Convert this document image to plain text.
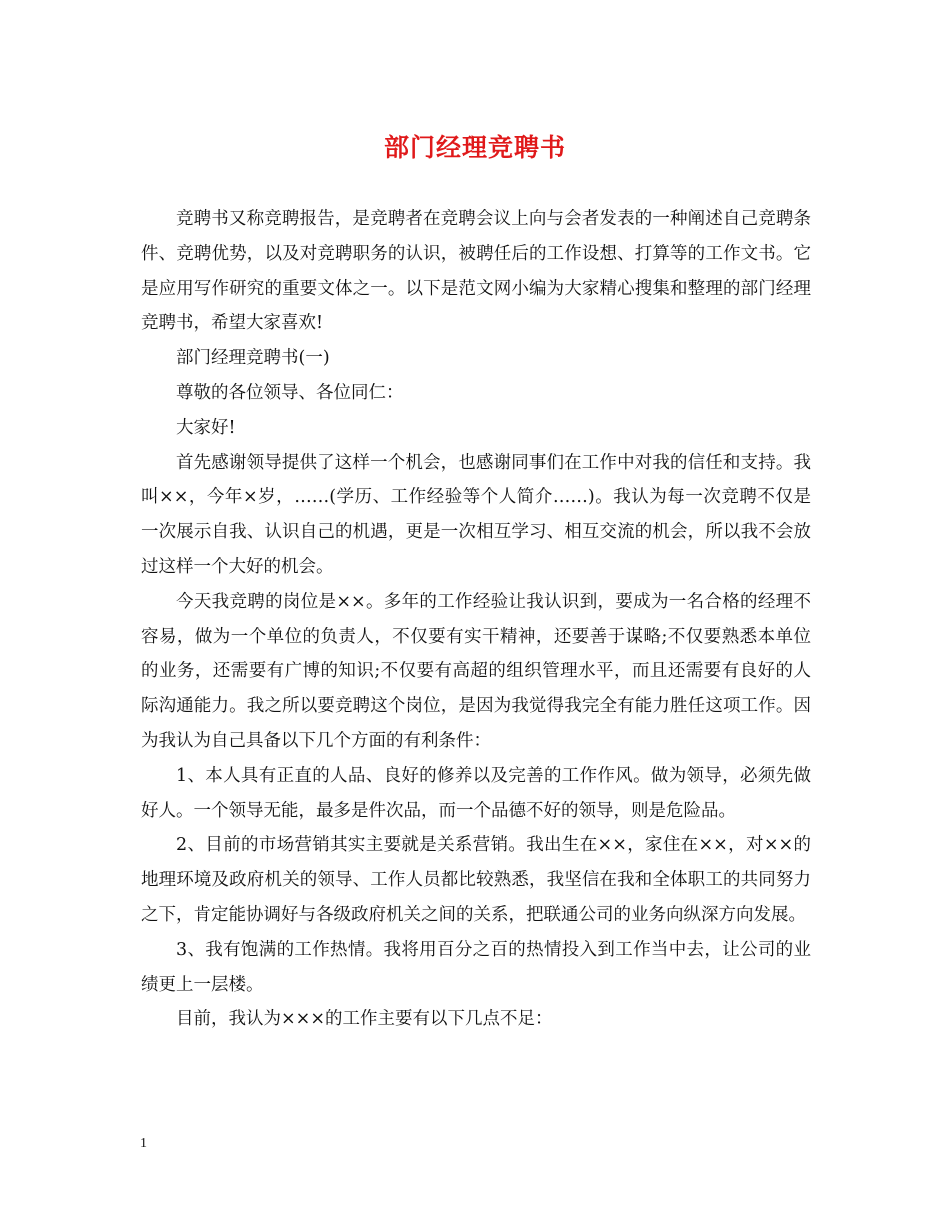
部门经理竞聘书

竞聘书又称竞聘报告，是竞聘者在竞聘会议上向与会者发表的一种阐述自己竞聘条件、竞聘优势，以及对竞聘职务的认识，被聘任后的工作设想、打算等的工作文书。它是应用写作研究的重要文体之一。以下是范文网小编为大家精心搜集和整理的部门经理竞聘书，希望大家喜欢!

部门经理竞聘书(一)

尊敬的各位领导、各位同仁：

大家好!

首先感谢领导提供了这样一个机会，也感谢同事们在工作中对我的信任和支持。我叫××，今年×岁，……(学历、工作经验等个人简介……)。我认为每一次竞聘不仅是一次展示自我、认识自己的机遇，更是一次相互学习、相互交流的机会，所以我不会放过这样一个大好的机会。

今天我竞聘的岗位是××。多年的工作经验让我认识到，要成为一名合格的经理不容易，做为一个单位的负责人，不仅要有实干精神，还要善于谋略;不仅要熟悉本单位的业务，还需要有广博的知识;不仅要有高超的组织管理水平，而且还需要有良好的人际沟通能力。我之所以要竞聘这个岗位，是因为我觉得我完全有能力胜任这项工作。因为我认为自己具备以下几个方面的有利条件：

1、本人具有正直的人品、良好的修养以及完善的工作作风。做为领导，必须先做好人。一个领导无能，最多是件次品，而一个品德不好的领导，则是危险品。

2、目前的市场营销其实主要就是关系营销。我出生在××，家住在××，对××的地理环境及政府机关的领导、工作人员都比较熟悉，我坚信在我和全体职工的共同努力之下，肯定能协调好与各级政府机关之间的关系，把联通公司的业务向纵深方向发展。

3、我有饱满的工作热情。我将用百分之百的热情投入到工作当中去，让公司的业绩更上一层楼。

目前，我认为×××的工作主要有以下几点不足：

1
